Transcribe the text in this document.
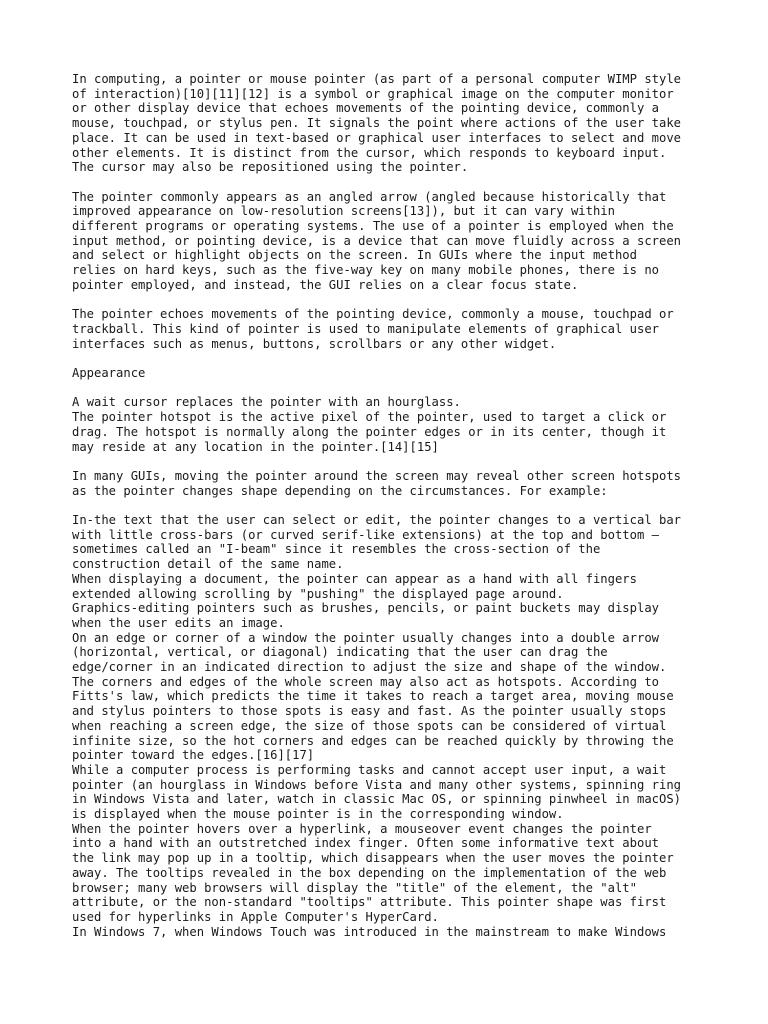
In computing, a pointer or mouse pointer (as part of a personal computer WIMP style
of interaction)[10][11][12] is a symbol or graphical image on the computer monitor
or other display device that echoes movements of the pointing device, commonly a
mouse, touchpad, or stylus pen. It signals the point where actions of the user take
place. It can be used in text-based or graphical user interfaces to select and move
other elements. It is distinct from the cursor, which responds to keyboard input.
The cursor may also be repositioned using the pointer.
The pointer commonly appears as an angled arrow (angled because historically that
improved appearance on low-resolution screens[13]), but it can vary within
different programs or operating systems. The use of a pointer is employed when the
input method, or pointing device, is a device that can move fluidly across a screen
and select or highlight objects on the screen. In GUIs where the input method
relies on hard keys, such as the five-way key on many mobile phones, there is no
pointer employed, and instead, the GUI relies on a clear focus state.
The pointer echoes movements of the pointing device, commonly a mouse, touchpad or
trackball. This kind of pointer is used to manipulate elements of graphical user
interfaces such as menus, buttons, scrollbars or any other widget.
Appearance
A wait cursor replaces the pointer with an hourglass.
The pointer hotspot is the active pixel of the pointer, used to target a click or
drag. The hotspot is normally along the pointer edges or in its center, though it
may reside at any location in the pointer.[14][15]
In many GUIs, moving the pointer around the screen may reveal other screen hotspots
as the pointer changes shape depending on the circumstances. For example:
In-the text that the user can select or edit, the pointer changes to a vertical bar
with little cross-bars (or curved serif-like extensions) at the top and bottom —
sometimes called an "I-beam" since it resembles the cross-section of the
construction detail of the same name.
When displaying a document, the pointer can appear as a hand with all fingers
extended allowing scrolling by "pushing" the displayed page around.
Graphics-editing pointers such as brushes, pencils, or paint buckets may display
when the user edits an image.
On an edge or corner of a window the pointer usually changes into a double arrow
(horizontal, vertical, or diagonal) indicating that the user can drag the
edge/corner in an indicated direction to adjust the size and shape of the window.
The corners and edges of the whole screen may also act as hotspots. According to
Fitts's law, which predicts the time it takes to reach a target area, moving mouse
and stylus pointers to those spots is easy and fast. As the pointer usually stops
when reaching a screen edge, the size of those spots can be considered of virtual
infinite size, so the hot corners and edges can be reached quickly by throwing the
pointer toward the edges.[16][17]
While a computer process is performing tasks and cannot accept user input, a wait
pointer (an hourglass in Windows before Vista and many other systems, spinning ring
in Windows Vista and later, watch in classic Mac OS, or spinning pinwheel in macOS)
is displayed when the mouse pointer is in the corresponding window.
When the pointer hovers over a hyperlink, a mouseover event changes the pointer
into a hand with an outstretched index finger. Often some informative text about
the link may pop up in a tooltip, which disappears when the user moves the pointer
away. The tooltips revealed in the box depending on the implementation of the web
browser; many web browsers will display the "title" of the element, the "alt"
attribute, or the non-standard "tooltips" attribute. This pointer shape was first
used for hyperlinks in Apple Computer's HyperCard.
In Windows 7, when Windows Touch was introduced in the mainstream to make Windows
